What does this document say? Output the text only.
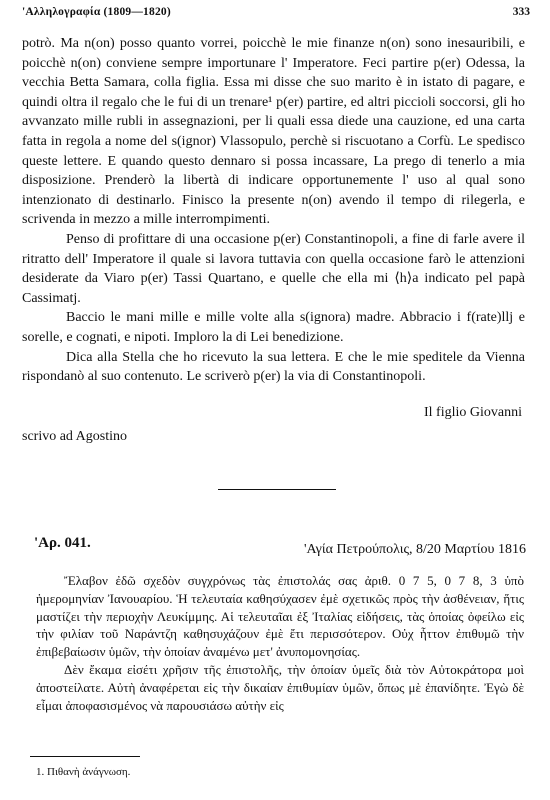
'Αλληλογραφία (1809—1820)	333

potrò. Ma n(on) posso quanto vorrei, poicchè le mie finanze n(on) sono inesauribili, e poicchè n(on) conviene sempre importunare l' Imperatore. Feci partire p(er) Odessa, la vecchia Betta Samara, colla figlia. Essa mi disse che suo marito è in istato di pagare, e quindi oltra il regalo che le fui di un trenare¹ p(er) partire, ed altri piccioli soccorsi, gli ho avvanzato mille rubli in assegnazioni, per li quali essa diede una cauzione, ed una carta fatta in regola a nome del s(ignor) Vlassopulo, perchè si riscuotano a Corfù. Le spedisco queste lettere. E quando questo dennaro si possa incassare, La prego di tenerlo a mia disposizione. Prenderò la libertà di indicare opportunemente l' uso al qual sono intenzionato di destinarlo. Finisco la presente n(on) avendo il tempo di rilegerla, e scrivenda in mezzo a mille interrompimenti.

Penso di profittare di una occasione p(er) Constantinopoli, a fine di farle avere il ritratto dell' Imperatore il quale si lavora tuttavia con quella occasione farò le attenzioni desiderate da Viaro p(er) Tassi Quartano, e quelle che ella mi ⟨h⟩a indicato pel papà Cassimatj.

Baccio le mani mille e mille volte alla s(ignora) madre. Abbracio i f(rate)llj e sorelle, e cognati, e nipoti. Imploro la di Lei benedizione.

Dica alla Stella che ho ricevuto la sua lettera. E che le mie speditele da Vienna rispondanò al suo contenuto. Le scriverò p(er) la via di Constantinopoli.

Il figlio Giovanni
scrivo ad Agostino
'Αρ. 041.	'Αγία Πετρούπολις, 8/20 Μαρτίου 1816

Ἔλαβον ἐδῶ σχεδὸν συγχρόνως τὰς ἐπιστολάς σας ἀριθ. 0 7 5, 0 7 8, 3 ὑπὸ ἡμερομηνίαν Ἰανουαρίου. Ἡ τελευταία καθησύχασεν ἐμὲ σχετικῶς πρὸς τὴν ἀσθένειαν, ἥτις μαστίζει τὴν περιοχὴν Λευκίμμης. Αἱ τελευταῖαι ἐξ Ἰταλίας εἰδήσεις, τὰς ὁποίας ὀφείλω εἰς τὴν φιλίαν τοῦ Ναράντζη καθησυχάζουν ἐμὲ ἔτι περισσότερον. Οὐχ ἧττον ἐπιθυμῶ τὴν ἐπιβεβαίωσιν ὑμῶν, τὴν ὁποίαν ἀναμένω μετ' ἀνυπομονησίας.

Δὲν ἔκαμα εἰσέτι χρῆσιν τῆς ἐπιστολῆς, τὴν ὁποίαν ὑμεῖς διὰ τὸν Αὐτοκράτορα μοὶ ἀποστείλατε. Αὐτὴ ἀναφέρεται εἰς τὴν δικαίαν ἐπιθυμίαν ὑμῶν, ὅπως μὲ ἐπανίδητε. Ἐγὼ δὲ εἶμαι ἀποφασισμένος νὰ παρουσιάσω αὐτὴν εἰς

1. Πιθανὴ ἀνάγνωση.
